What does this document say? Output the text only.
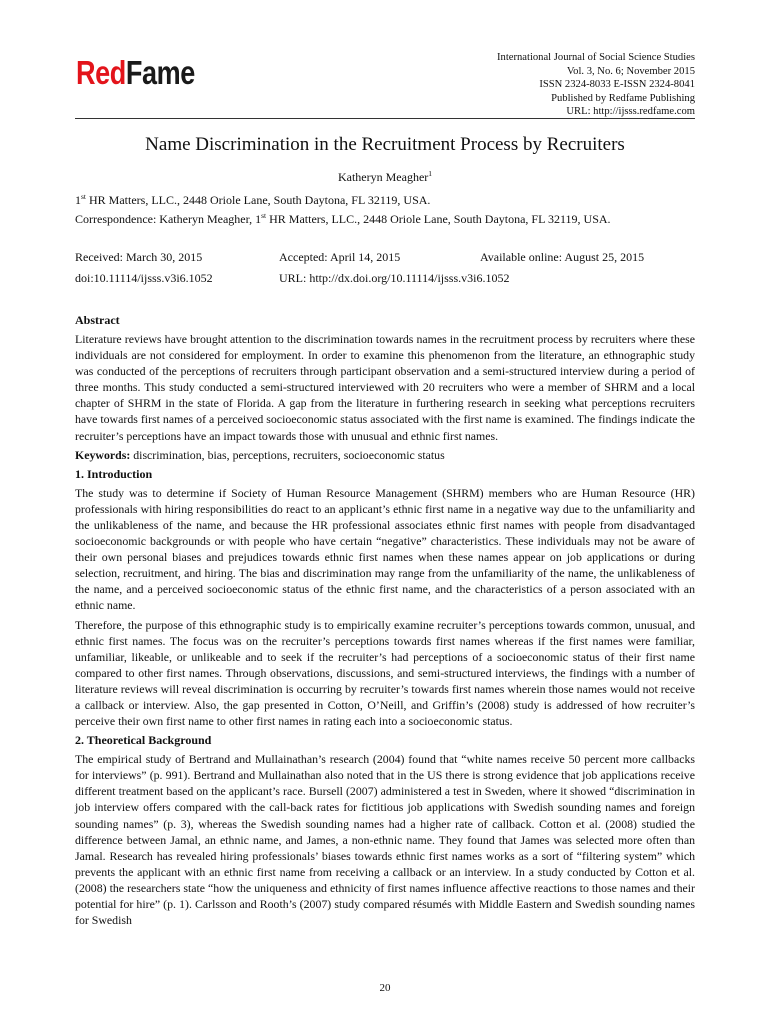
RedFame	International Journal of Social Science Studies
Vol. 3, No. 6; November 2015
ISSN 2324-8033 E-ISSN 2324-8041
Published by Redfame Publishing
URL: http://ijsss.redfame.com
Name Discrimination in the Recruitment Process by Recruiters
Katheryn Meagher$^1$
1st HR Matters, LLC., 2448 Oriole Lane, South Daytona, FL 32119, USA.
Correspondence: Katheryn Meagher, 1st HR Matters, LLC., 2448 Oriole Lane, South Daytona, FL 32119, USA.
Received: March 30, 2015	Accepted: April 14, 2015	Available online: August 25, 2015
doi:10.11114/ijsss.v3i6.1052	URL: http://dx.doi.org/10.11114/ijsss.v3i6.1052
Abstract

Literature reviews have brought attention to the discrimination towards names in the recruitment process by recruiters where these individuals are not considered for employment. In order to examine this phenomenon from the literature, an ethnographic study was conducted of the perceptions of recruiters through participant observation and a semi-structured interview during a period of three months. This study conducted a semi-structured interviewed with 20 recruiters who were a member of SHRM and a local chapter of SHRM in the state of Florida. A gap from the literature in furthering research in seeking what perceptions recruiters have towards first names of a perceived socioeconomic status associated with the first name is examined. The findings indicate the recruiter’s perceptions have an impact towards those with unusual and ethnic first names.

Keywords: discrimination, bias, perceptions, recruiters, socioeconomic status

1. Introduction

The study was to determine if Society of Human Resource Management (SHRM) members who are Human Resource (HR) professionals with hiring responsibilities do react to an applicant’s ethnic first name in a negative way due to the unfamiliarity and the unlikableness of the name, and because the HR professional associates ethnic first names with people from disadvantaged socioeconomic backgrounds or with people who have certain “negative” characteristics. These individuals may not be aware of their own personal biases and prejudices towards ethnic first names when these names appear on job applications or during selection, recruitment, and hiring. The bias and discrimination may range from the unfamiliarity of the name, the unlikableness of the name, and a perceived socioeconomic status of the ethnic first name, and the characteristics of a person associated with an ethnic name.

Therefore, the purpose of this ethnographic study is to empirically examine recruiter’s perceptions towards common, unusual, and ethnic first names. The focus was on the recruiter’s perceptions towards first names whereas if the first names were familiar, unfamiliar, likeable, or unlikeable and to seek if the recruiter’s had perceptions of a socioeconomic status of their first name compared to other first names. Through observations, discussions, and semi-structured interviews, the findings with a number of literature reviews will reveal discrimination is occurring by recruiter’s towards first names wherein those names would not receive a callback or interview. Also, the gap presented in Cotton, O’Neill, and Griffin’s (2008) study is addressed of how recruiter’s perceive their own first name to other first names in rating each into a socioeconomic status.

2. Theoretical Background

The empirical study of Bertrand and Mullainathan’s research (2004) found that “white names receive 50 percent more callbacks for interviews” (p. 991). Bertrand and Mullainathan also noted that in the US there is strong evidence that job applications receive different treatment based on the applicant’s race. Bursell (2007) administered a test in Sweden, where it showed “discrimination in job interview offers compared with the call-back rates for fictitious job applications with Swedish sounding names and foreign sounding names” (p. 3), whereas the Swedish sounding names had a higher rate of callback. Cotton et al. (2008) studied the difference between Jamal, an ethnic name, and James, a non-ethnic name. They found that James was selected more often than Jamal. Research has revealed hiring professionals’ biases towards ethnic first names works as a sort of “filtering system” which prevents the applicant with an ethnic first name from receiving a callback or an interview. In a study conducted by Cotton et al. (2008) the researchers state “how the uniqueness and ethnicity of first names influence affective reactions to those names and their potential for hire” (p. 1). Carlsson and Rooth’s (2007) study compared résumés with Middle Eastern and Swedish sounding names for Swedish

20
